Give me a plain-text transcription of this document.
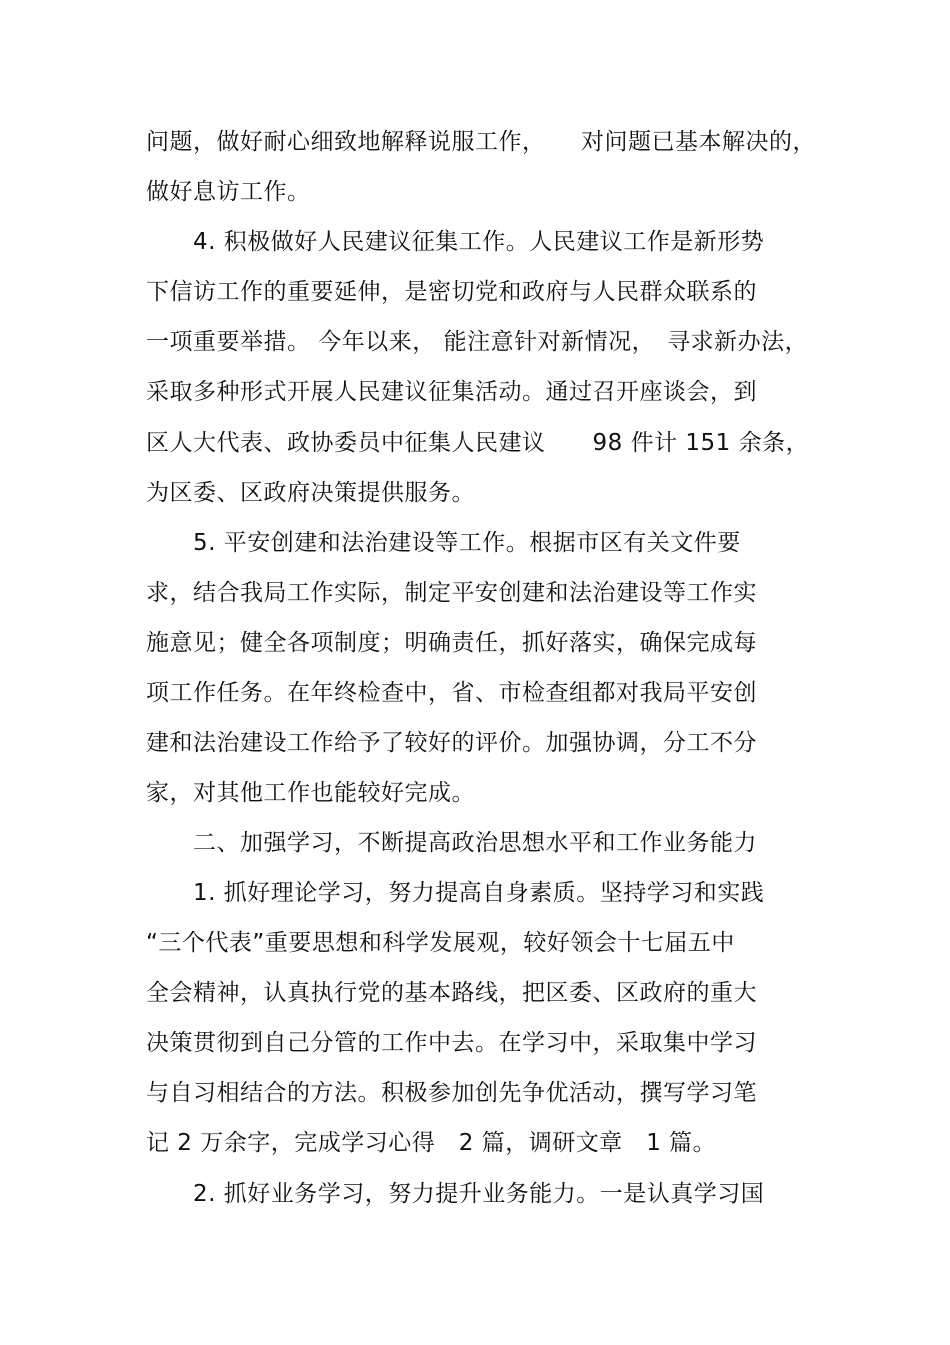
问题，做好耐心细致地解释说服工作，　　对问题已基本解决的，
做好息访工作。
　　4. 积极做好人民建议征集工作。人民建议工作是新形势
下信访工作的重要延伸，是密切党和政府与人民群众联系的
一项重要举措。 今年以来， 能注意针对新情况，　寻求新办法，
采取多种形式开展人民建议征集活动。通过召开座谈会，到
区人大代表、政协委员中征集人民建议　　98 件计 151 余条，
为区委、区政府决策提供服务。
　　5. 平安创建和法治建设等工作。根据市区有关文件要
求，结合我局工作实际，制定平安创建和法治建设等工作实
施意见；健全各项制度；明确责任，抓好落实，确保完成每
项工作任务。在年终检查中，省、市检查组都对我局平安创
建和法治建设工作给予了较好的评价。加强协调，分工不分
家，对其他工作也能较好完成。
　　二、加强学习，不断提高政治思想水平和工作业务能力
　　1. 抓好理论学习，努力提高自身素质。坚持学习和实践
“三个代表”重要思想和科学发展观，较好领会十七届五中
全会精神，认真执行党的基本路线，把区委、区政府的重大
决策贯彻到自己分管的工作中去。在学习中，采取集中学习
与自习相结合的方法。积极参加创先争优活动，撰写学习笔
记 2 万余字，完成学习心得　2 篇，调研文章　1 篇。
　　2. 抓好业务学习，努力提升业务能力。一是认真学习国
